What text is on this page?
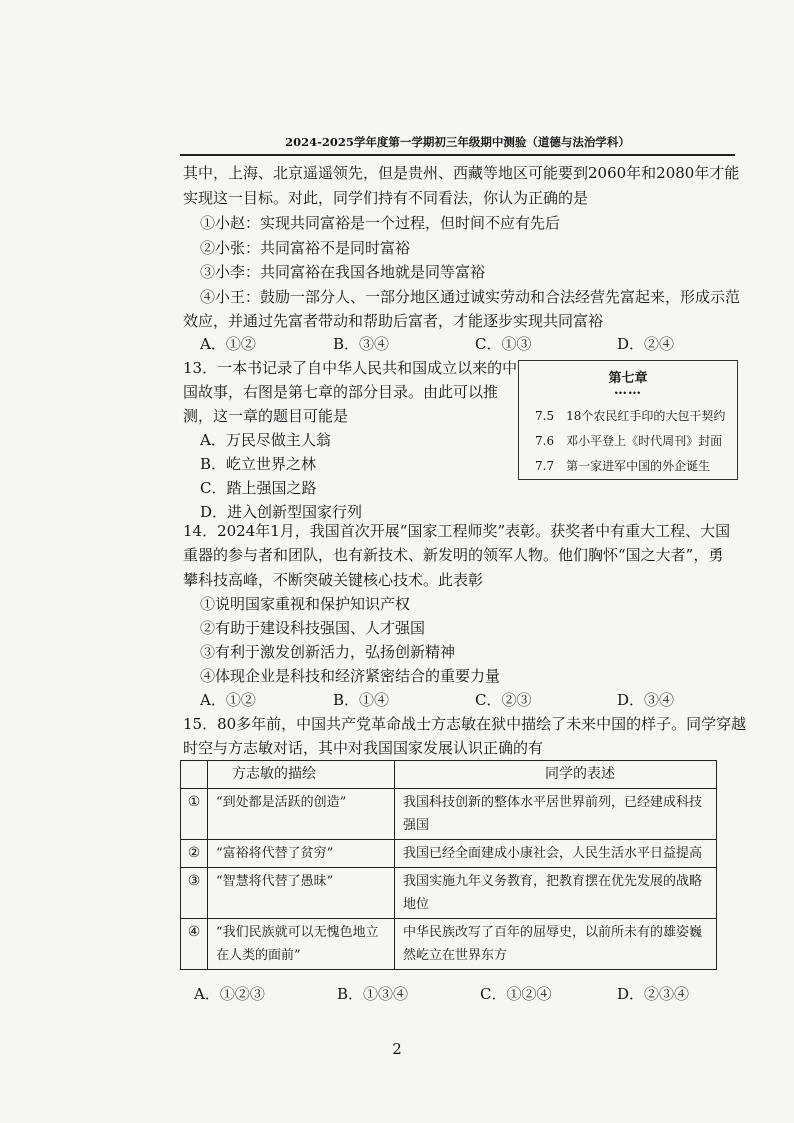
2024-2025学年度第一学期初三年级期中测验（道德与法治学科）
其中，上海、北京遥遥领先，但是贵州、西藏等地区可能要到2060年和2080年才能
实现这一目标。对此，同学们持有不同看法，你认为正确的是
①小赵：实现共同富裕是一个过程，但时间不应有先后
②小张：共同富裕不是同时富裕
③小李：共同富裕在我国各地就是同等富裕
④小王：鼓励一部分人、一部分地区通过诚实劳动和合法经营先富起来，形成示范
效应，并通过先富者带动和帮助后富者，才能逐步实现共同富裕
A．①②	B．③④	C．①③	D．②④
13．一本书记录了自中华人民共和国成立以来的中
国故事，右图是第七章的部分目录。由此可以推
测，这一章的题目可能是
A．万民尽做主人翁
B．屹立世界之林
C．踏上强国之路
D．进入创新型国家行列
第七章
……
7.5　18个农民红手印的大包干契约
7.6　邓小平登上《时代周刊》封面
7.7　第一家进军中国的外企诞生
14．2024年1月，我国首次开展“国家工程师奖”表彰。获奖者中有重大工程、大国
重器的参与者和团队，也有新技术、新发明的领军人物。他们胸怀“国之大者”，勇
攀科技高峰，不断突破关键核心技术。此表彰
①说明国家重视和保护知识产权
②有助于建设科技强国、人才强国
③有利于激发创新活力，弘扬创新精神
④体现企业是科技和经济紧密结合的重要力量
A．①②	B．①④	C．②③	D．③④
15．80多年前，中国共产党革命战士方志敏在狱中描绘了未来中国的样子。同学穿越
时空与方志敏对话，其中对我国国家发展认识正确的有
	方志敏的描绘	同学的表述
①	“到处都是活跃的创造”	我国科技创新的整体水平居世界前列，已经建成科技强国
②	“富裕将代替了贫穷”	我国已经全面建成小康社会，人民生活水平日益提高
③	“智慧将代替了愚昧”	我国实施九年义务教育，把教育摆在优先发展的战略地位
④	“我们民族就可以无愧色地立在人类的面前”	中华民族改写了百年的屈辱史，以前所未有的雄姿巍然屹立在世界东方
A．①②③	B．①③④	C．①②④	D．②③④
2
